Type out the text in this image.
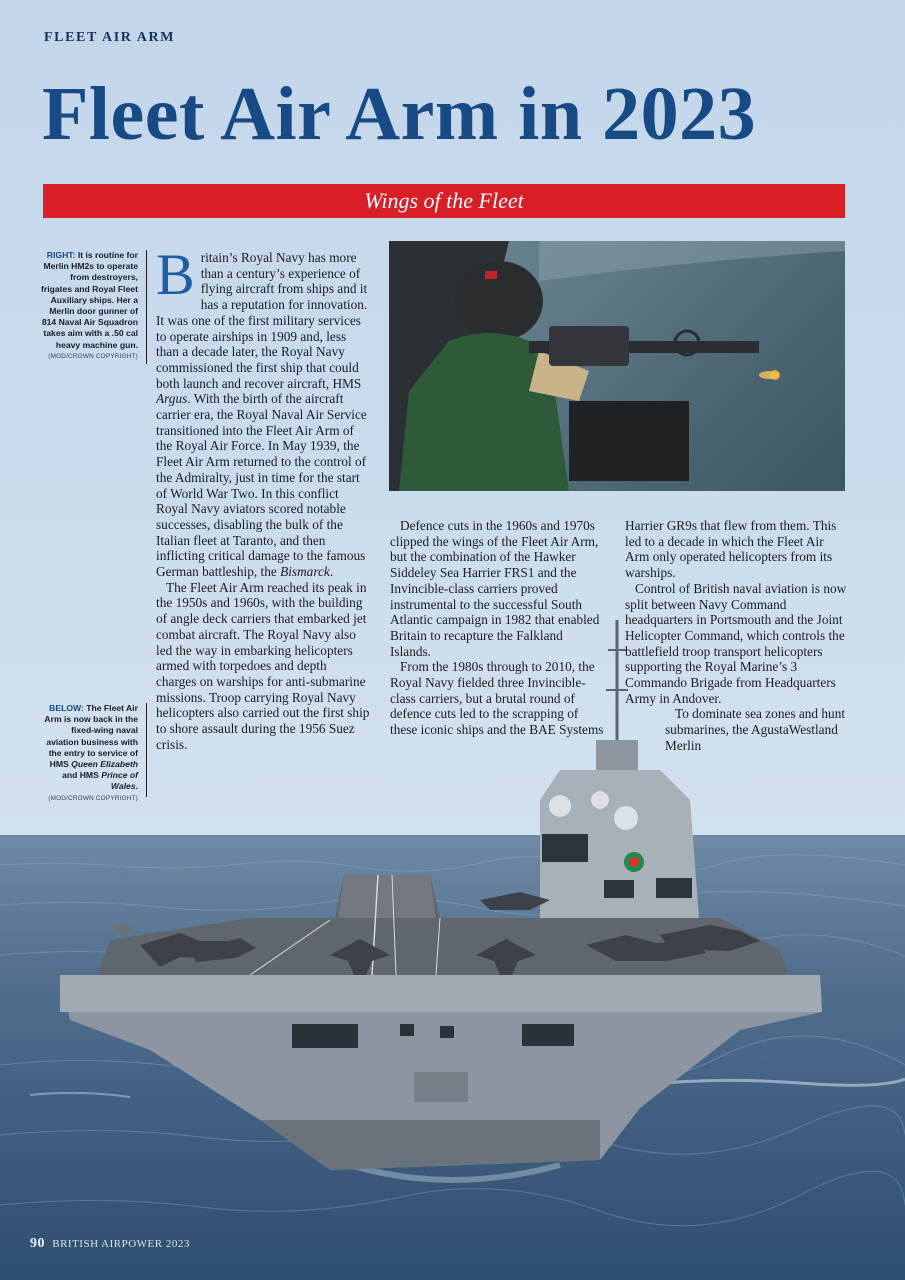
FLEET AIR ARM
Fleet Air Arm in 2023
Wings of the Fleet
RIGHT: It is routine for Merlin HM2s to operate from destroyers, frigates and Royal Fleet Auxiliary ships. Her a Merlin door gunner of 814 Naval Air Squadron takes aim with a .50 cal heavy machine gun.
(MOD/CROWN COPYRIGHT)
BELOW: The Fleet Air Arm is now back in the fixed-wing naval aviation business with the entry to service of HMS Queen Elizabeth and HMS Prince of Wales.
(MOD/CROWN COPYRIGHT)

Britain’s Royal Navy has more than a century’s experience of flying aircraft from ships and it has a reputation for innovation. It was one of the first military services to operate airships in 1909 and, less than a decade later, the Royal Navy commissioned the first ship that could both launch and recover aircraft, HMS Argus. With the birth of the aircraft carrier era, the Royal Naval Air Service transitioned into the Fleet Air Arm of the Royal Air Force. In May 1939, the Fleet Air Arm returned to the control of the Admiralty, just in time for the start of World War Two. In this conflict Royal Navy aviators scored notable successes, disabling the bulk of the Italian fleet at Taranto, and then inflicting critical damage to the famous German battleship, the Bismarck.

The Fleet Air Arm reached its peak in the 1950s and 1960s, with the building of angle deck carriers that embarked jet combat aircraft. The Royal Navy also led the way in embarking helicopters armed with torpedoes and depth charges on warships for anti-submarine missions. Troop carrying Royal Navy helicopters also carried out the first ship to shore assault during the 1956 Suez crisis.

Defence cuts in the 1960s and 1970s clipped the wings of the Fleet Air Arm, but the combination of the Hawker Siddeley Sea Harrier FRS1 and the Invincible-class carriers proved instrumental to the successful South Atlantic campaign in 1982 that enabled Britain to recapture the Falkland Islands.

From the 1980s through to 2010, the Royal Navy fielded three Invincible- class carriers, but a brutal round of defence cuts led to the scrapping of these iconic ships and the BAE Systems

Harrier GR9s that flew from them. This led to a decade in which the Fleet Air Arm only operated helicopters from its warships.

Control of British naval aviation is now split between Navy Command headquarters in Portsmouth and the Joint Helicopter Command, which controls the battlefield troop transport helicopters supporting the Royal Marine’s 3 Commando Brigade from Headquarters Army in Andover.

To dominate sea zones and hunt submarines, the AgustaWestland Merlin

90 BRITISH AIRPOWER 2023
